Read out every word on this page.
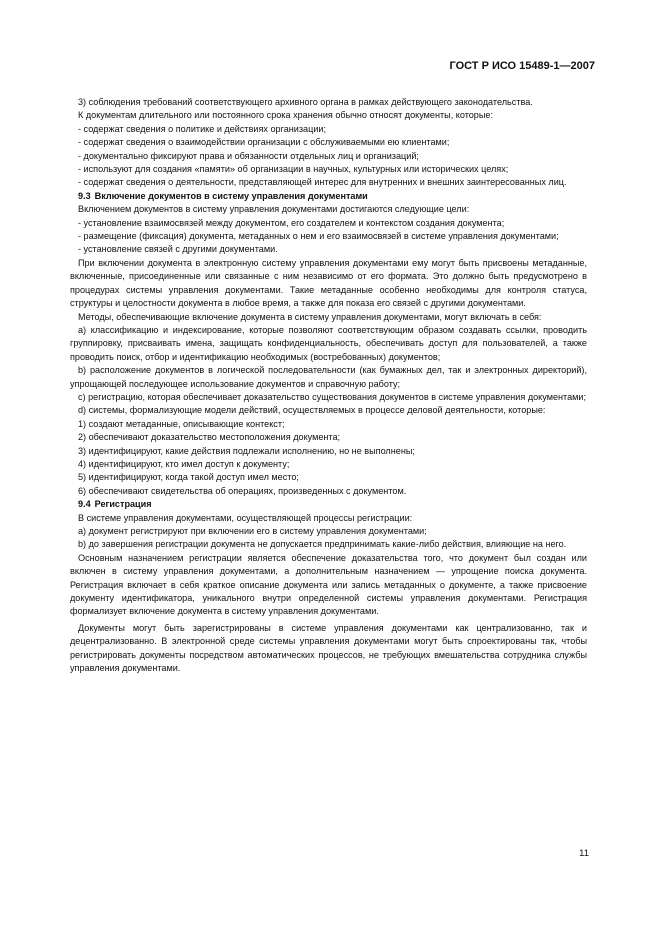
ГОСТ Р ИСО 15489-1—2007

3) соблюдения требований соответствующего архивного органа в рамках действующего законодательства.

К документам длительного или постоянного срока хранения обычно относят документы, которые:

- содержат сведения о политике и действиях организации;

- содержат сведения о взаимодействии организации с обслуживаемыми ею клиентами;

- документально фиксируют права и обязанности отдельных лиц и организаций;

- используют для создания «памяти» об организации в научных, культурных или исторических целях;

- содержат сведения о деятельности, представляющей интерес для внутренних и внешних заинтересованных лиц.

9.3 Включение документов в систему управления документами

Включением документов в систему управления документами достигаются следующие цели:

- установление взаимосвязей между документом, его создателем и контекстом создания документа;

- размещение (фиксация) документа, метаданных о нем и его взаимосвязей в системе управления документами;

- установление связей с другими документами.

При включении документа в электронную систему управления документами ему могут быть присвоены метаданные, включенные, присоединенные или связанные с ним независимо от его формата. Это должно быть предусмотрено в процедурах системы управления документами. Такие метаданные особенно необходимы для контроля статуса, структуры и целостности документа в любое время, а также для показа его связей с другими документами.

Методы, обеспечивающие включение документа в систему управления документами, могут включать в себя:

a) классификацию и индексирование, которые позволяют соответствующим образом создавать ссылки, проводить группировку, присваивать имена, защищать конфиденциальность, обеспечивать доступ для пользователей, а также проводить поиск, отбор и идентификацию необходимых (востребованных) документов;

b) расположение документов в логической последовательности (как бумажных дел, так и электронных директорий), упрощающей последующее использование документов и справочную работу;

c) регистрацию, которая обеспечивает доказательство существования документов в системе управления документами;

d) системы, формализующие модели действий, осуществляемых в процессе деловой деятельности, которые:

1) создают метаданные, описывающие контекст;

2) обеспечивают доказательство местоположения документа;

3) идентифицируют, какие действия подлежали исполнению, но не выполнены;

4) идентифицируют, кто имел доступ к документу;

5) идентифицируют, когда такой доступ имел место;

6) обеспечивают свидетельства об операциях, произведенных с документом.

9.4 Регистрация

В системе управления документами, осуществляющей процессы регистрации:

a) документ регистрируют при включении его в систему управления документами;

b) до завершения регистрации документа не допускается предпринимать какие-либо действия, влияющие на него.

Основным назначением регистрации является обеспечение доказательства того, что документ был создан или включен в систему управления документами, а дополнительным назначением — упрощение поиска документа. Регистрация включает в себя краткое описание документа или запись метаданных о документе, а также присвоение документу идентификатора, уникального внутри определенной системы управления документами. Регистрация формализует включение документа в систему управления документами.

Документы могут быть зарегистрированы в системе управления документами как централизованно, так и децентрализованно. В электронной среде системы управления документами могут быть спроектированы так, чтобы регистрировать документы посредством автоматических процессов, не требующих вмешательства сотрудника службы управления документами.

11
